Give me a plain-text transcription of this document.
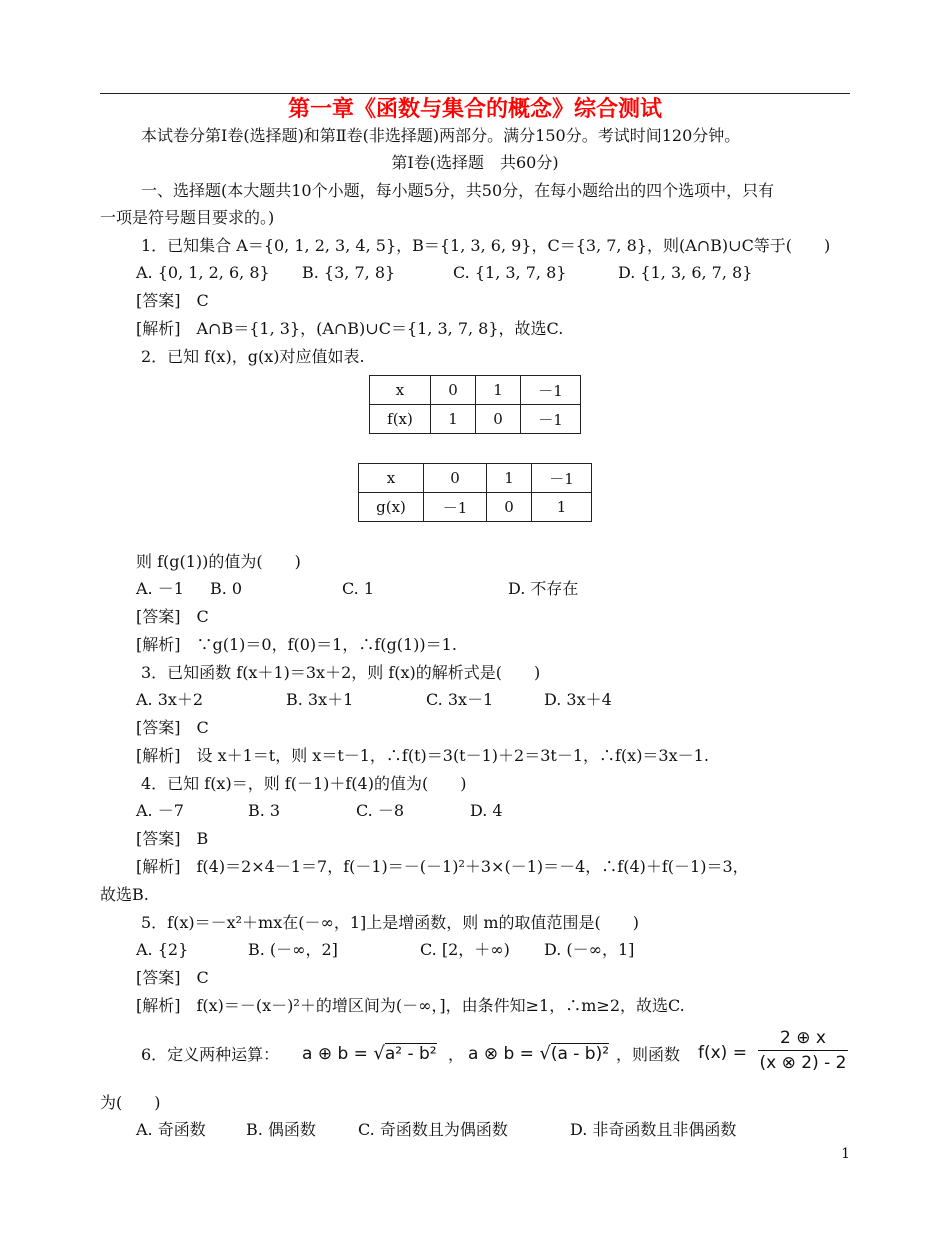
第一章《函数与集合的概念》综合测试
本试卷分第Ⅰ卷(选择题)和第Ⅱ卷(非选择题)两部分。满分150分。考试时间120分钟。
第Ⅰ卷(选择题　共60分)
一、选择题(本大题共10个小题，每小题5分，共50分，在每小题给出的四个选项中，只有
一项是符号题目要求的。)
1．已知集合 A＝{0, 1, 2, 3, 4, 5}，B＝{1, 3, 6, 9}，C＝{3, 7, 8}，则(A∩B)∪C等于(　　)
A. {0, 1, 2, 6, 8} B. {3, 7, 8}	C. {1, 3, 7, 8}	D. {1, 3, 6, 7, 8}
[答案]　C
[解析]　A∩B＝{1, 3}，(A∩B)∪C＝{1, 3, 7, 8}，故选C.
2．已知 f(x)，g(x)对应值如表.
x	0	1	－1
f(x)	1	0	－1
x	0	1	－1
g(x)	－1	0	1
则 f(g(1))的值为(　　)
A. －1 B. 0	C. 1	D. 不存在
[答案]　C
[解析]　∵g(1)＝0，f(0)＝1，∴f(g(1))＝1.
3．已知函数 f(x＋1)＝3x＋2，则 f(x)的解析式是(　　)
A. 3x＋2	B. 3x＋1	C. 3x－1	D. 3x＋4
[答案]　C
[解析]　设 x＋1＝t，则 x＝t－1，∴f(t)＝3(t－1)＋2＝3t－1，∴f(x)＝3x－1.
4．已知 f(x)＝，则 f(－1)＋f(4)的值为(　　)
A. －7	B. 3	C. －8	D. 4
[答案]　B
[解析]　f(4)＝2×4－1＝7，f(－1)＝－(－1)²＋3×(－1)＝－4，∴f(4)＋f(－1)＝3，
故选B.
5．f(x)＝－x²＋mx在(－∞，1]上是增函数，则 m的取值范围是(　　)
A. {2}	B. (－∞，2]	C. [2，＋∞) D. (－∞，1]
[答案]　C
[解析]　f(x)＝－(x－)²＋的增区间为(－∞，]，由条件知≥1，∴m≥2，故选C.
6．定义两种运算： a ⊕ b = √a² - b² ， a ⊗ b = √(a - b)² ，则函数 $f(x) = \frac{2 \oplus x}{(x \otimes 2) - 2}$
为(　　)
A. 奇函数	B. 偶函数	C. 奇函数且为偶函数	D. 非奇函数且非偶函数
1
